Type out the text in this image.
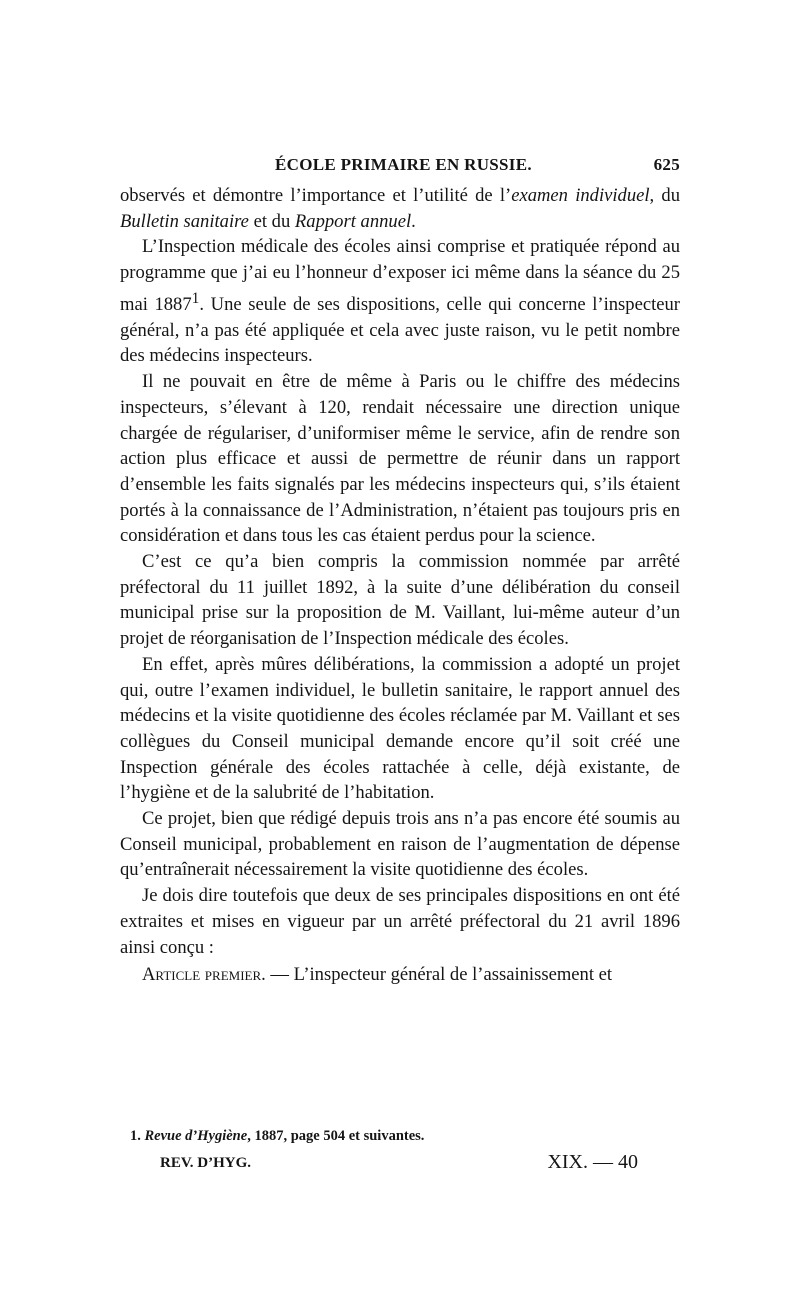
ÉCOLE PRIMAIRE EN RUSSIE.	625

observés et démontre l’importance et l’utilité de l’examen individuel, du Bulletin sanitaire et du Rapport annuel.

L’Inspection médicale des écoles ainsi comprise et pratiquée répond au programme que j’ai eu l’honneur d’exposer ici même dans la séance du 25 mai 1887$^1$. Une seule de ses dispositions, celle qui concerne l’inspecteur général, n’a pas été appliquée et cela avec juste raison, vu le petit nombre des médecins inspecteurs.

Il ne pouvait en être de même à Paris ou le chiffre des médecins inspecteurs, s’élevant à 120, rendait nécessaire une direction unique chargée de régulariser, d’uniformiser même le service, afin de rendre son action plus efficace et aussi de permettre de réunir dans un rapport d’ensemble les faits signalés par les médecins inspecteurs qui, s’ils étaient portés à la connaissance de l’Administration, n’étaient pas toujours pris en considération et dans tous les cas étaient perdus pour la science.

C’est ce qu’a bien compris la commission nommée par arrêté préfectoral du 11 juillet 1892, à la suite d’une délibération du conseil municipal prise sur la proposition de M. Vaillant, lui-même auteur d’un projet de réorganisation de l’Inspection médicale des écoles.

En effet, après mûres délibérations, la commission a adopté un projet qui, outre l’examen individuel, le bulletin sanitaire, le rapport annuel des médecins et la visite quotidienne des écoles réclamée par M. Vaillant et ses collègues du Conseil municipal demande encore qu’il soit créé une Inspection générale des écoles rattachée à celle, déjà existante, de l’hygiène et de la salubrité de l’habitation.

Ce projet, bien que rédigé depuis trois ans n’a pas encore été soumis au Conseil municipal, probablement en raison de l’augmentation de dépense qu’entraînerait nécessairement la visite quotidienne des écoles.

Je dois dire toutefois que deux de ses principales dispositions en ont été extraites et mises en vigueur par un arrêté préfectoral du 21 avril 1896 ainsi conçu :

Article premier. — L’inspecteur général de l’assainissement et

1. Revue d’Hygiène, 1887, page 504 et suivantes.
REV. D’HYG.	XIX. — 40
